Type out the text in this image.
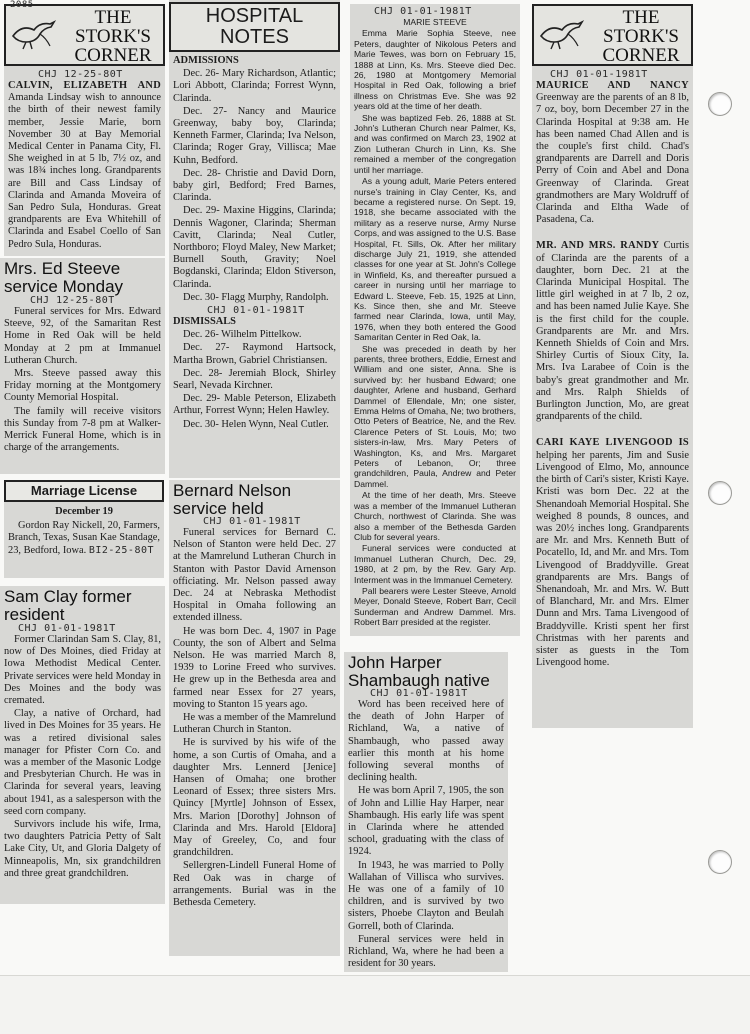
THE STORK'S CORNER
CHJ 12-25-80T

CALVIN, ELIZABETH AND Amanda Lindsay wish to announce the birth of their newest family member, Jessie Marie, born November 30 at Bay Memorial Medical Center in Panama City, Fl. She weighed in at 5 lb, 7½ oz, and was 18¾ inches long. Grandparents are Bill and Cass Lindsay of Clarinda and Amanda Moveira of San Pedro Sula, Honduras. Great grandparents are Eva Whitehill of Clarinda and Esabel Coello of San Pedro Sula, Honduras.

2085
Mrs. Ed Steeve service Monday
CHJ 12-25-80T

Funeral services for Mrs. Edward Steeve, 92, of the Samaritan Rest Home in Red Oak will be held Monday at 2 pm at Immanuel Lutheran Church.

Mrs. Steeve passed away this Friday morning at the Montgomery County Memorial Hospital.

The family will receive visitors this Sunday from 7-8 pm at Walker-Merrick Funeral Home, which is in charge of the arrangements.

Marriage License
December 19

Gordon Ray Nickell, 20, Farmers, Branch, Texas, Susan Kae Standage, 23, Bedford, Iowa. BI2-25-80T

Sam Clay former resident
CHJ 01-01-1981T

Former Clarindan Sam S. Clay, 81, now of Des Moines, died Friday at Iowa Methodist Medical Center. Private services were held Monday in Des Moines and the body was cremated.

Clay, a native of Orchard, had lived in Des Moines for 35 years. He was a retired divisional sales manager for Pfister Corn Co. and was a member of the Masonic Lodge and Presbyterian Church. He was in Clarinda for several years, leaving about 1941, as a salesperson with the seed corn company.

Survivors include his wife, Irma, two daughters Patricia Petty of Salt Lake City, Ut, and Gloria Dalgety of Minneapolis, Mn, six grandchildren and three great grandchildren.

HOSPITAL NOTES

ADMISSIONS

Dec. 26- Mary Richardson, Atlantic; Lori Abbott, Clarinda; Forrest Wynn, Clarinda.

Dec. 27- Nancy and Maurice Greenway, baby boy, Clarinda; Kenneth Farmer, Clarinda; Iva Nelson, Clarinda; Roger Gray, Villisca; Mae Kuhn, Bedford.

Dec. 28- Christie and David Dorn, baby girl, Bedford; Fred Barnes, Clarinda.

Dec. 29- Maxine Higgins, Clarinda; Dennis Wagoner, Clarinda; Sherman Cavitt, Clarinda; Neal Cutler, Northboro; Floyd Maley, New Market; Burnell South, Gravity; Noel Bogdanski, Clarinda; Eldon Stiverson, Clarinda.

Dec. 30- Flagg Murphy, Randolph.

CHJ 01-01-1981T

DISMISSALS

Dec. 26- Wilhelm Pittelkow.

Dec. 27- Raymond Hartsock, Martha Brown, Gabriel Christiansen.

Dec. 28- Jeremiah Block, Shirley Searl, Nevada Kirchner.

Dec. 29- Mable Peterson, Elizabeth Arthur, Forrest Wynn; Helen Hawley.

Dec. 30- Helen Wynn, Neal Cutler.

Bernard Nelson service held
CHJ 01-01-1981T

Funeral services for Bernard C. Nelson of Stanton were held Dec. 27 at the Mamrelund Lutheran Church in Stanton with Pastor David Arnenson officiating. Mr. Nelson passed away Dec. 24 at Nebraska Methodist Hospital in Omaha following an extended illness.

He was born Dec. 4, 1907 in Page County, the son of Albert and Selma Nelson. He was married March 8, 1939 to Lorine Freed who survives. He grew up in the Bethesda area and farmed near Essex for 27 years, moving to Stanton 15 years ago.

He was a member of the Mamrelund Lutheran Church in Stanton.

He is survived by his wife of the home, a son Curtis of Omaha, and a daughter Mrs. Lennerd [Jenice] Hansen of Omaha; one brother Leonard of Essex; three sisters Mrs. Quincy [Myrtle] Johnson of Essex, Mrs. Marion [Dorothy] Johnson of Clarinda and Mrs. Harold [Eldora] May of Greeley, Co, and four grandchildren.

Sellergren-Lindell Funeral Home of Red Oak was in charge of arrangements. Burial was in the Bethesda Cemetery.

CHJ 01-01-1981T
MARIE STEEVE

Emma Marie Sophia Steeve, nee Peters, daughter of Nikolous Peters and Marie Tewes, was born on February 15, 1888 at Linn, Ks. Mrs. Steeve died Dec. 26, 1980 at Montgomery Memorial Hospital in Red Oak, following a brief illness on Christmas Eve. She was 92 years old at the time of her death.

She was baptized Feb. 26, 1888 at St. John's Lutheran Church near Palmer, Ks, and was confirmed on March 23, 1902 at Zion Lutheran Church in Linn, Ks. She remained a member of the congregation until her marriage.

As a young adult, Marie Peters entered nurse's training in Clay Center, Ks, and became a registered nurse. On Sept. 19, 1918, she became associated with the military as a reserve nurse, Army Nurse Corps, and was assigned to the U.S. Base Hospital, Ft. Sills, Ok. After her military discharge July 21, 1919, she attended classes for one year at St. John's College in Winfield, Ks, and thereafter pursued a career in nursing until her marriage to Edward L. Steeve, Feb. 15, 1925 at Linn, Ks. Since then, she and Mr. Steeve farmed near Clarinda, Iowa, until May, 1976, when they both entered the Good Samaritan Center in Red Oak, Ia.

She was preceded in death by her parents, three brothers, Eddie, Ernest and William and one sister, Anna. She is survived by: her husband Edward; one daughter, Arlene and husband, Gerhard Dammel of Ellendale, Mn; one sister, Emma Helms of Omaha, Ne; two brothers, Otto Peters of Beatrice, Ne, and the Rev. Clarence Peters of St. Louis, Mo; two sisters-in-law, Mrs. Mary Peters of Washington, Ks, and Mrs. Margaret Peters of Lebanon, Or; three grandchildren, Paula, Andrew and Peter Dammel.

At the time of her death, Mrs. Steeve was a member of the Immanuel Lutheran Church, northwest of Clarinda. She was also a member of the Bethesda Garden Club for several years.

Funeral services were conducted at Immanuel Lutheran Church, Dec. 29, 1980, at 2 pm, by the Rev. Gary Arp. Interment was in the Immanuel Cemetery.

Pall bearers were Lester Steeve, Arnold Meyer, Donald Steeve, Robert Barr, Cecil Sunderman and Andrew Dammel. Mrs. Robert Barr presided at the register.

John Harper Shambaugh native
CHJ 01-01-1981T

Word has been received here of the death of John Harper of Richland, Wa, a native of Shambaugh, who passed away earlier this month at his home following several months of declining health.

He was born April 7, 1905, the son of John and Lillie Hay Harper, near Shambaugh. His early life was spent in Clarinda where he attended school, graduating with the class of 1924.

In 1943, he was married to Polly Wallahan of Villisca who survives. He was one of a family of 10 children, and is survived by two sisters, Phoebe Clayton and Beulah Gorrell, both of Clarinda.

Funeral services were held in Richland, Wa, where he had been a resident for 30 years.

THE STORK'S CORNER
CHJ 01-01-1981T

MAURICE AND NANCY Greenway are the parents of an 8 lb, 7 oz, boy, born December 27 in the Clarinda Hospital at 9:38 am. He has been named Chad Allen and is the couple's first child. Chad's grandparents are Darrell and Doris Perry of Coin and Abel and Dona Greenway of Clarinda. Great grandmothers are Mary Woldruff of Clarinda and Eltha Wade of Pasadena, Ca.

MR. AND MRS. RANDY Curtis of Clarinda are the parents of a daughter, born Dec. 21 at the Clarinda Municipal Hospital. The little girl weighed in at 7 lb, 2 oz, and has been named Julie Kaye. She is the first child for the couple. Grandparents are Mr. and Mrs. Kenneth Shields of Coin and Mrs. Shirley Curtis of Sioux City, Ia. Mrs. Iva Larabee of Coin is the baby's great grandmother and Mr. and Mrs. Ralph Shields of Burlington Junction, Mo, are great grandparents of the child.

CARI KAYE LIVENGOOD IS helping her parents, Jim and Susie Livengood of Elmo, Mo, announce the birth of Cari's sister, Kristi Kaye. Kristi was born Dec. 22 at the Shenandoah Memorial Hospital. She weighed 8 pounds, 8 ounces, and was 20½ inches long. Grandparents are Mr. and Mrs. Kenneth Butt of Pocatello, Id, and Mr. and Mrs. Tom Livengood of Braddyville. Great grandparents are Mrs. Bangs of Shenandoah, Mr. and Mrs. W. Butt of Blanchard, Mr. and Mrs. Elmer Dunn and Mrs. Tama Livengood of Braddyville. Kristi spent her first Christmas with her parents and sister as guests in the Tom Livengood home.
